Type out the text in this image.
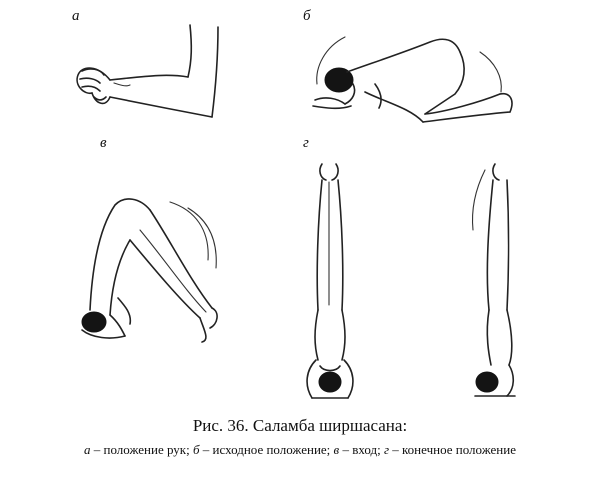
а	б
в	г
Рис. 36. Саламба ширшасана:
а – положение рук; б – исходное положение; в – вход; г – конечное положение
